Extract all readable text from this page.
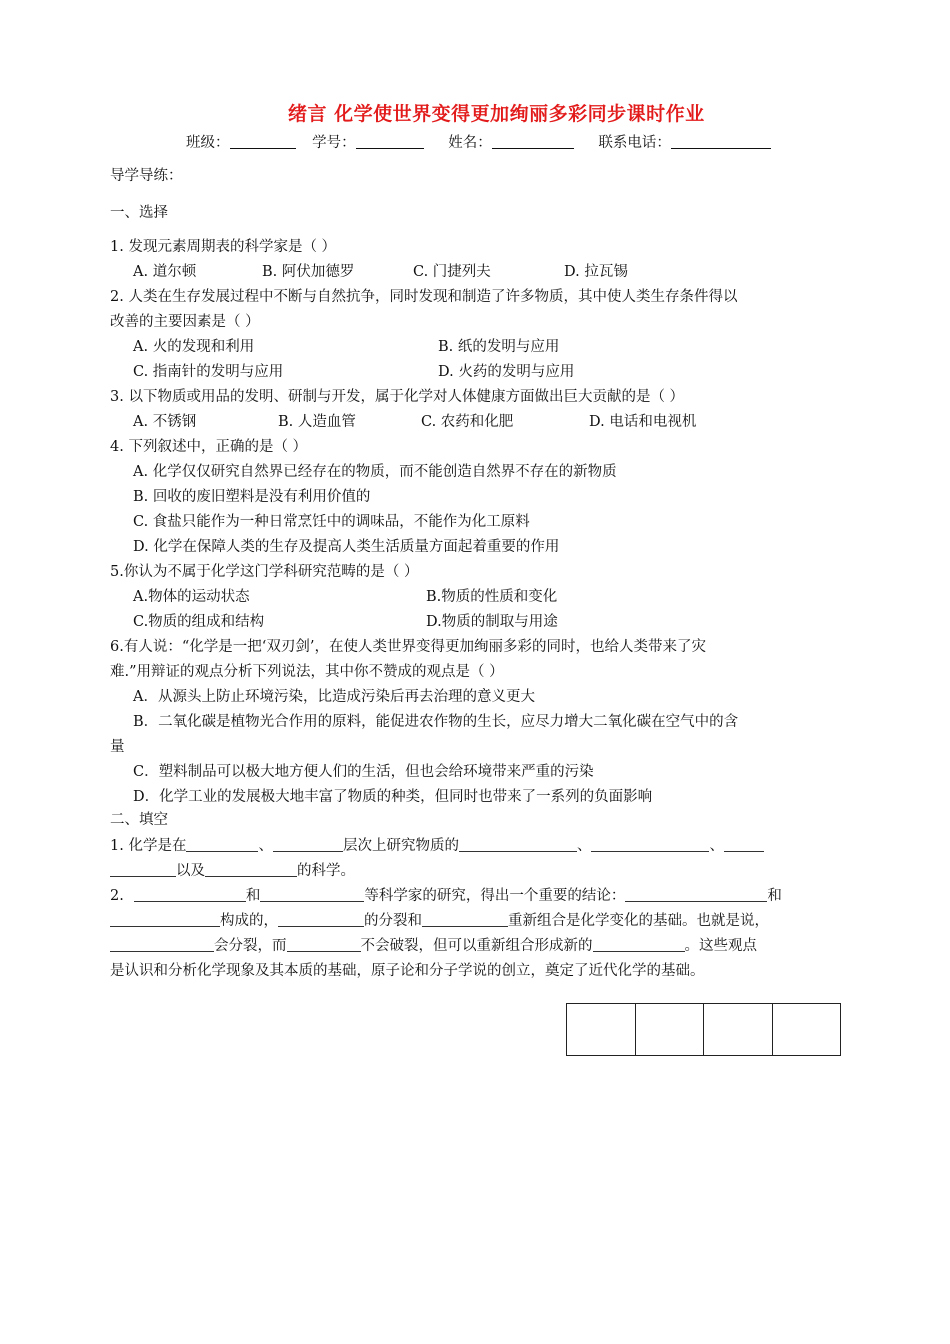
绪言 化学使世界变得更加绚丽多彩同步课时作业
班级：	学号：	姓名：	联系电话：
导学导练：
一、选择
1. 发现元素周期表的科学家是（ ）
A. 道尔顿	B. 阿伏加德罗	C. 门捷列夫	D. 拉瓦锡
2. 人类在生存发展过程中不断与自然抗争，同时发现和制造了许多物质，其中使人类生存条件得以
改善的主要因素是（ ）
A. 火的发现和利用	B. 纸的发明与应用
C. 指南针的发明与应用	D. 火药的发明与应用
3. 以下物质或用品的发明、研制与开发，属于化学对人体健康方面做出巨大贡献的是（ ）
A. 不锈钢	B. 人造血管	C. 农药和化肥	D. 电话和电视机
4. 下列叙述中，正确的是（ ）
A. 化学仅仅研究自然界已经存在的物质，而不能创造自然界不存在的新物质
B. 回收的废旧塑料是没有利用价值的
C. 食盐只能作为一种日常烹饪中的调味品，不能作为化工原料
D. 化学在保障人类的生存及提高人类生活质量方面起着重要的作用
5.你认为不属于化学这门学科研究范畴的是（ ）
A.物体的运动状态	B.物质的性质和变化
C.物质的组成和结构	D.物质的制取与用途
6.有人说：“化学是一把‘双刃剑’，在使人类世界变得更加绚丽多彩的同时，也给人类带来了灾
难.”用辩证的观点分析下列说法，其中你不赞成的观点是（ ）
A．从源头上防止环境污染，比造成污染后再去治理的意义更大
B．二氧化碳是植物光合作用的原料，能促进农作物的生长，应尽力增大二氧化碳在空气中的含
量
C．塑料制品可以极大地方便人们的生活，但也会给环境带来严重的污染
D．化学工业的发展极大地丰富了物质的种类，但同时也带来了一系列的负面影响
二、填空
1. 化学是在	、	层次上研究物质的	、	、
以及	的科学。
2.	和	等科学家的研究，得出一个重要的结论：	和
构成的，	的分裂和	重新组合是化学变化的基础。也就是说，
会分裂，而	不会破裂，但可以重新组合形成新的	。这些观点
是认识和分析化学现象及其本质的基础，原子论和分子学说的创立，奠定了近代化学的基础。
